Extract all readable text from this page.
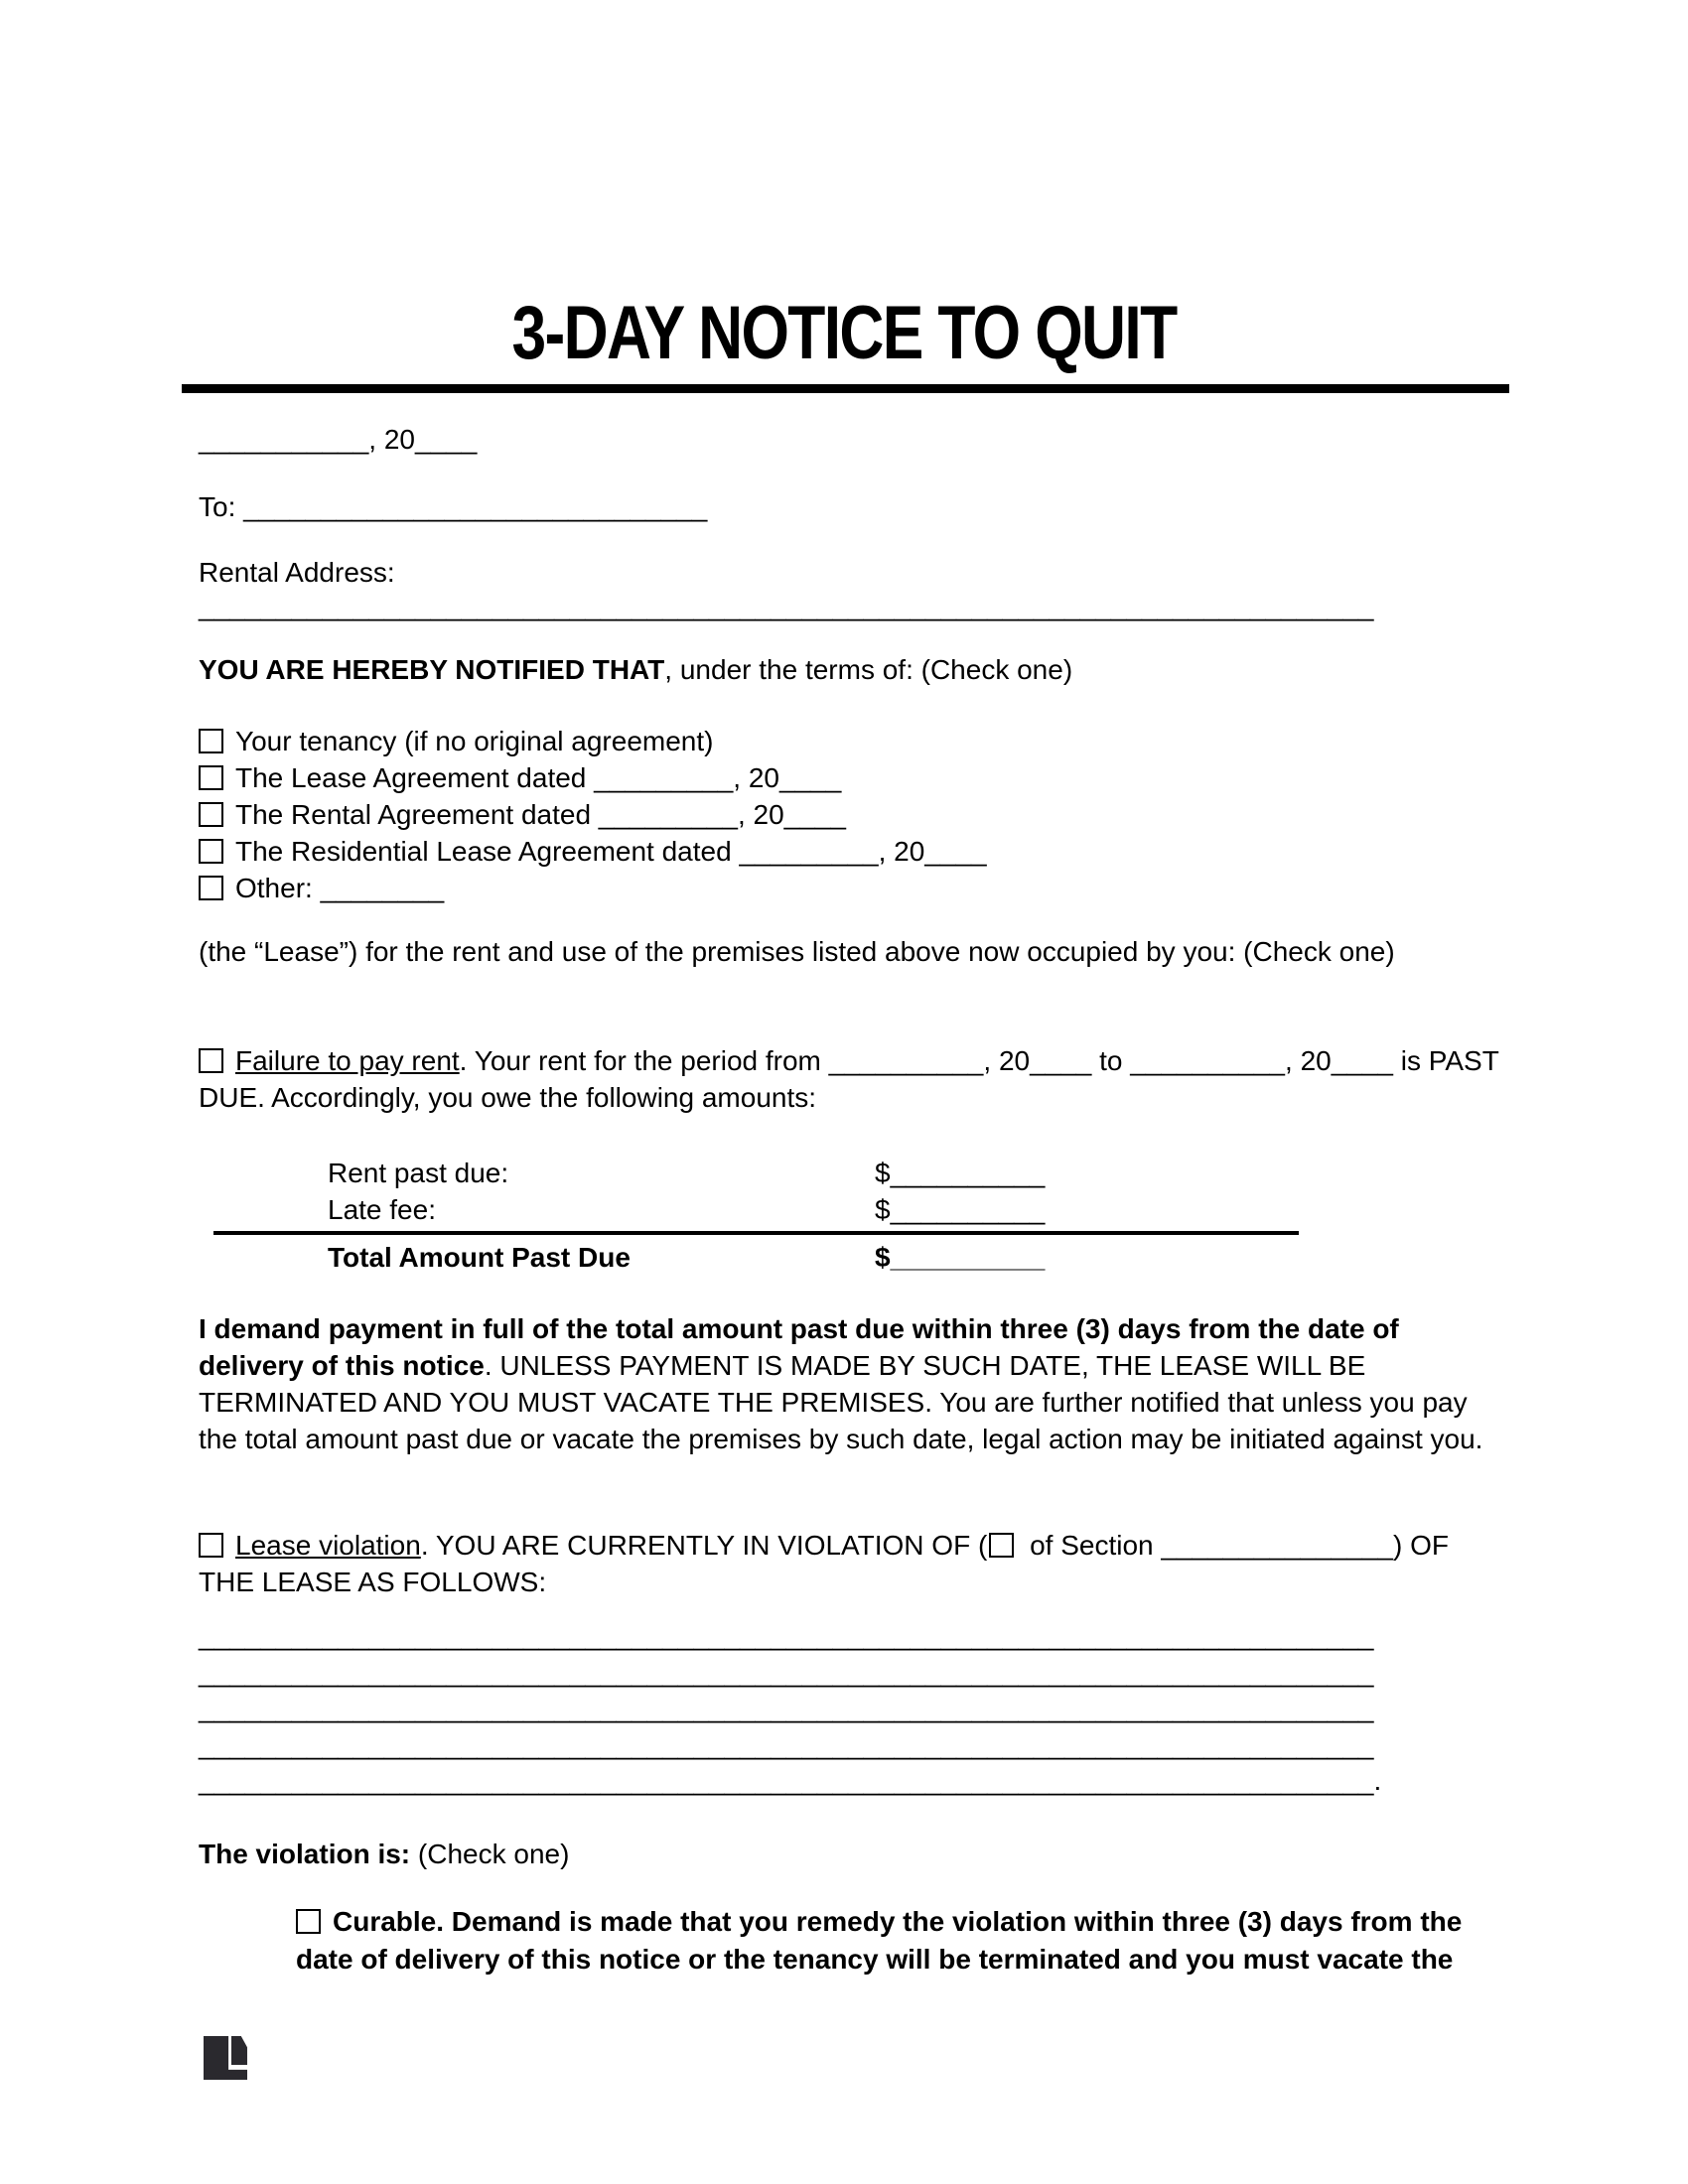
3-DAY NOTICE TO QUIT
___________, 20____
To: ______________________________
Rental Address:
____________________________________________________________________________
YOU ARE HEREBY NOTIFIED THAT, under the terms of: (Check one)
Your tenancy (if no original agreement)
The Lease Agreement dated _________, 20____
The Rental Agreement dated _________, 20____
The Residential Lease Agreement dated _________, 20____
Other: ________
(the “Lease”) for the rent and use of the premises listed above now occupied by you: (Check one)
Failure to pay rent. Your rent for the period from __________, 20____ to __________, 20____ is PAST DUE. Accordingly, you owe the following amounts:
Rent past due:	$__________
Late fee:	$__________
Total Amount Past Due	$__________
I demand payment in full of the total amount past due within three (3) days from the date of delivery of this notice. UNLESS PAYMENT IS MADE BY SUCH DATE, THE LEASE WILL BE TERMINATED AND YOU MUST VACATE THE PREMISES. You are further notified that unless you pay the total amount past due or vacate the premises by such date, legal action may be initiated against you.
Lease violation. YOU ARE CURRENTLY IN VIOLATION OF ( of Section _______________) OF THE LEASE AS FOLLOWS:
____________________________________________________________________________
____________________________________________________________________________
____________________________________________________________________________
____________________________________________________________________________
____________________________________________________________________________.
The violation is: (Check one)
Curable. Demand is made that you remedy the violation within three (3) days from the date of delivery of this notice or the tenancy will be terminated and you must vacate the
